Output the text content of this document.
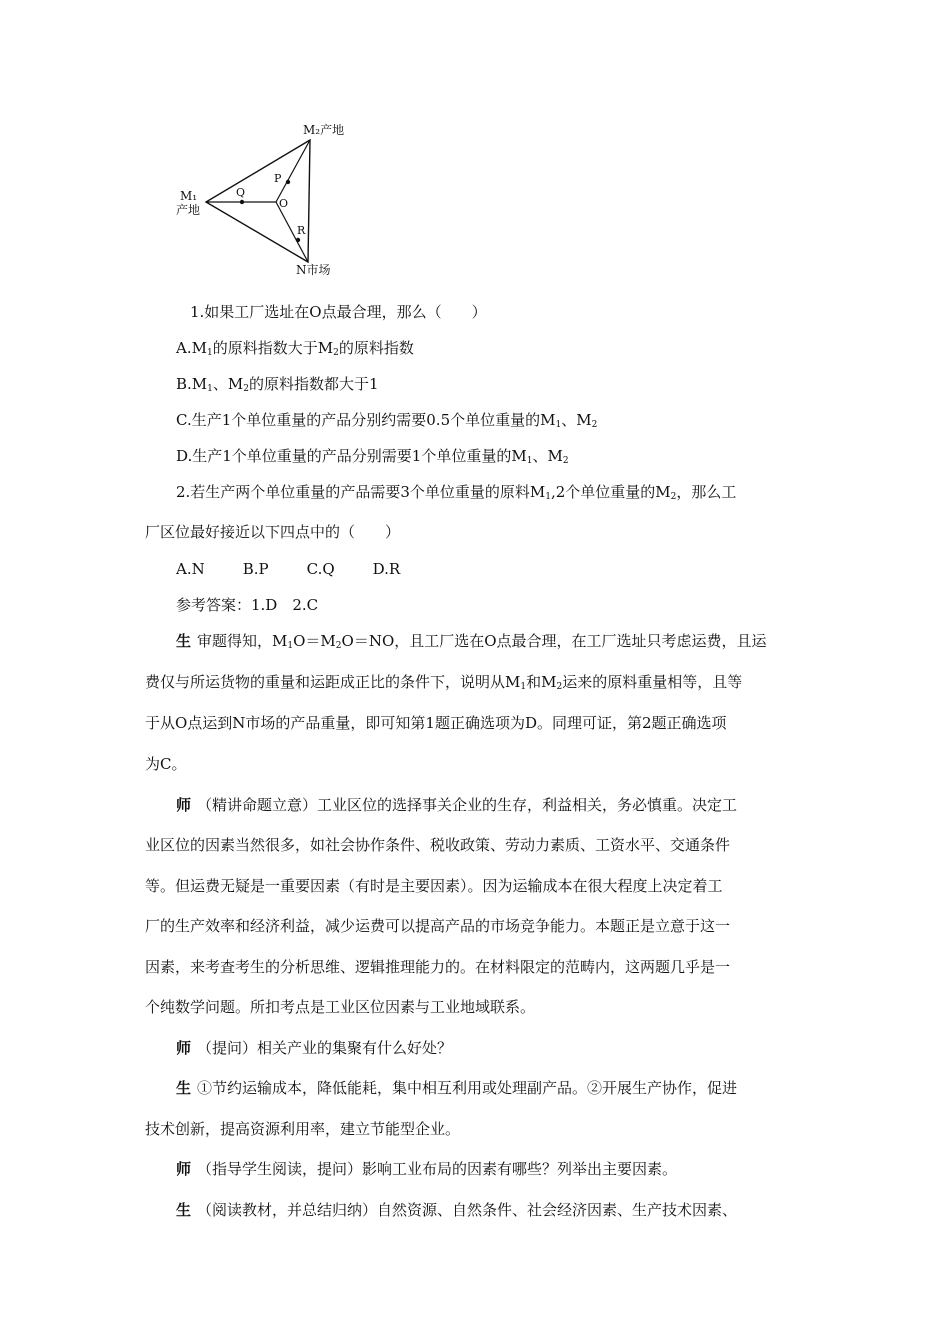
M₂产地
M₁
产地
N市场
P
Q
O
R
1.如果工厂选址在O点最合理，那么（　　）
$A.M_1$的原料指数大于$M_2$的原料指数
$B.M_1$、$M_2$的原料指数都大于1
C.生产1个单位重量的产品分别约需要0.5个单位重量的$M_1$、$M_2$
D.生产1个单位重量的产品分别需要1个单位重量的$M_1$、$M_2$
2.若生产两个单位重量的产品需要3个单位重量的原料$M_1,2$个单位重量的$M_2$，那么工
厂区位最好接近以下四点中的（　　）
A.N	B.P	C.Q	D.R
参考答案：1.D　2.C
生 审题得知，$M_1O=M_2O=NO$，且工厂选在O点最合理，在工厂选址只考虑运费，且运
费仅与所运货物的重量和运距成正比的条件下，说明从$M_1$和$M_2$运来的原料重量相等，且等
于从O点运到N市场的产品重量，即可知第1题正确选项为D。同理可证，第2题正确选项
为C。
师 （精讲命题立意）工业区位的选择事关企业的生存，利益相关，务必慎重。决定工
业区位的因素当然很多，如社会协作条件、税收政策、劳动力素质、工资水平、交通条件
等。但运费无疑是一重要因素（有时是主要因素）。因为运输成本在很大程度上决定着工
厂的生产效率和经济利益，减少运费可以提高产品的市场竞争能力。本题正是立意于这一
因素，来考查考生的分析思维、逻辑推理能力的。在材料限定的范畴内，这两题几乎是一
个纯数学问题。所扣考点是工业区位因素与工业地域联系。
师 （提问）相关产业的集聚有什么好处？
生 ①节约运输成本，降低能耗，集中相互利用或处理副产品。②开展生产协作，促进
技术创新，提高资源利用率，建立节能型企业。
师 （指导学生阅读，提问）影响工业布局的因素有哪些？列举出主要因素。
生 （阅读教材，并总结归纳）自然资源、自然条件、社会经济因素、生产技术因素、
